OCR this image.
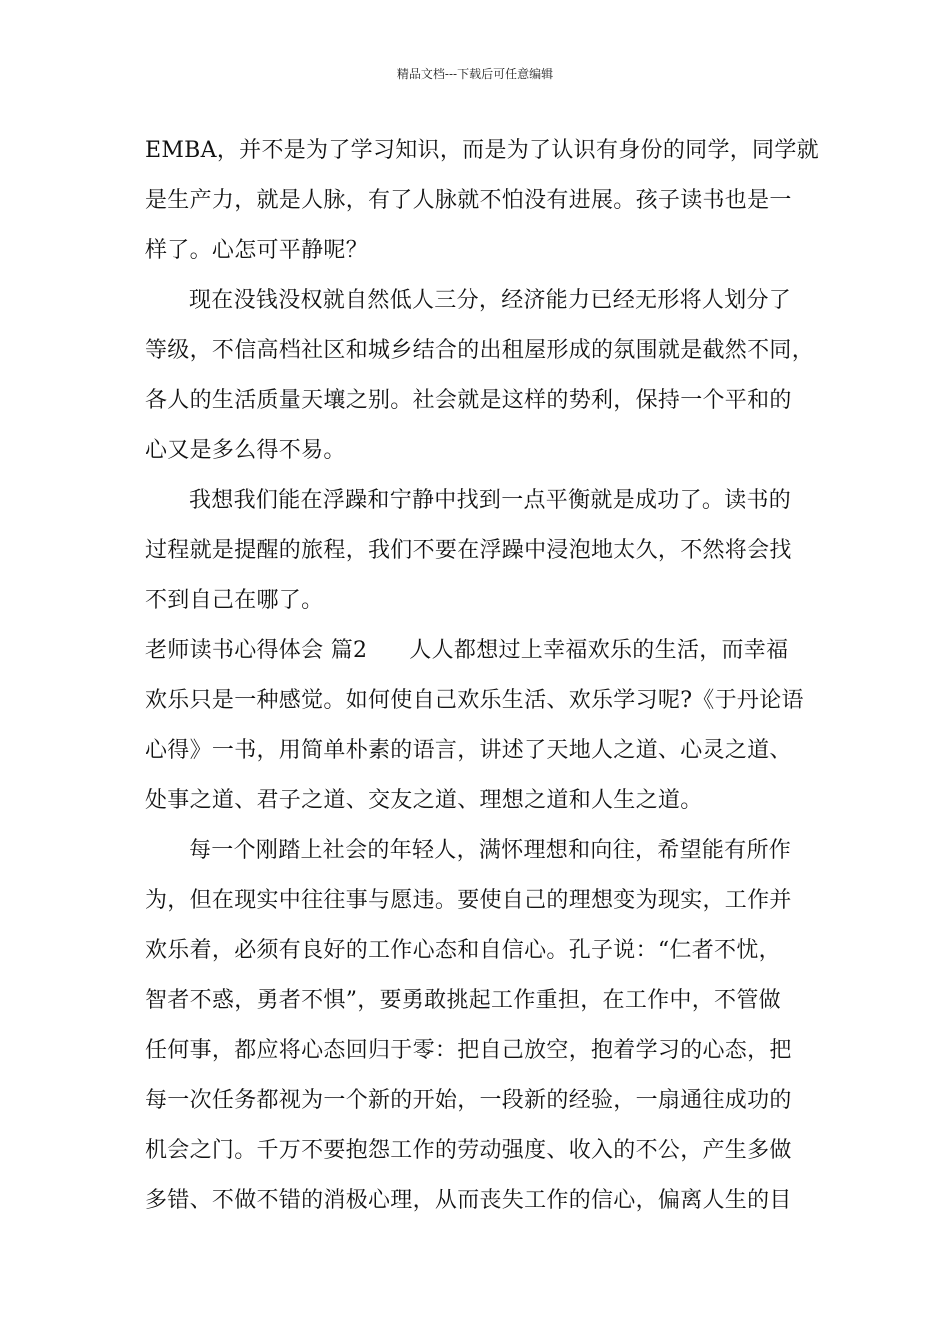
精品文档---下载后可任意编辑
EMBA，并不是为了学习知识，而是为了认识有身份的同学，同学就
是生产力，就是人脉，有了人脉就不怕没有进展。孩子读书也是一
样了。心怎可平静呢？
现在没钱没权就自然低人三分，经济能力已经无形将人划分了
等级，不信高档社区和城乡结合的出租屋形成的氛围就是截然不同，
各人的生活质量天壤之别。社会就是这样的势利，保持一个平和的
心又是多么得不易。
我想我们能在浮躁和宁静中找到一点平衡就是成功了。读书的
过程就是提醒的旅程，我们不要在浮躁中浸泡地太久，不然将会找
不到自己在哪了。
老师读书心得体会 篇2 人人都想过上幸福欢乐的生活，而幸福
欢乐只是一种感觉。如何使自己欢乐生活、欢乐学习呢?《于丹论语
心得》一书，用简单朴素的语言，讲述了天地人之道、心灵之道、
处事之道、君子之道、交友之道、理想之道和人生之道。
每一个刚踏上社会的年轻人，满怀理想和向往，希望能有所作
为，但在现实中往往事与愿违。要使自己的理想变为现实，工作并
欢乐着，必须有良好的工作心态和自信心。孔子说：“仁者不忧，
智者不惑，勇者不惧”，要勇敢挑起工作重担，在工作中，不管做
任何事，都应将心态回归于零：把自己放空，抱着学习的心态，把
每一次任务都视为一个新的开始，一段新的经验，一扇通往成功的
机会之门。千万不要抱怨工作的劳动强度、收入的不公，产生多做
多错、不做不错的消极心理，从而丧失工作的信心，偏离人生的目
